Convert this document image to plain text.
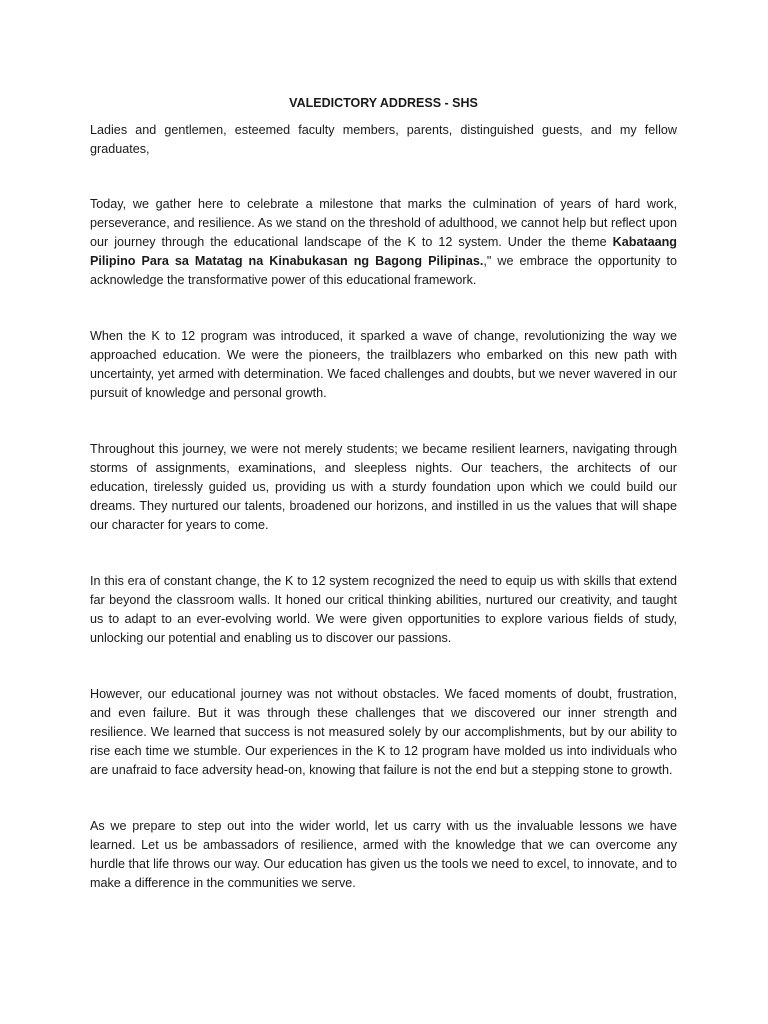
VALEDICTORY ADDRESS - SHS

Ladies and gentlemen, esteemed faculty members, parents, distinguished guests, and my fellow graduates,

Today, we gather here to celebrate a milestone that marks the culmination of years of hard work, perseverance, and resilience. As we stand on the threshold of adulthood, we cannot help but reflect upon our journey through the educational landscape of the K to 12 system. Under the theme Kabataang Pilipino Para sa Matatag na Kinabukasan ng Bagong Pilipinas.," we embrace the opportunity to acknowledge the transformative power of this educational framework.

When the K to 12 program was introduced, it sparked a wave of change, revolutionizing the way we approached education. We were the pioneers, the trailblazers who embarked on this new path with uncertainty, yet armed with determination. We faced challenges and doubts, but we never wavered in our pursuit of knowledge and personal growth.

Throughout this journey, we were not merely students; we became resilient learners, navigating through storms of assignments, examinations, and sleepless nights. Our teachers, the architects of our education, tirelessly guided us, providing us with a sturdy foundation upon which we could build our dreams. They nurtured our talents, broadened our horizons, and instilled in us the values that will shape our character for years to come.

In this era of constant change, the K to 12 system recognized the need to equip us with skills that extend far beyond the classroom walls. It honed our critical thinking abilities, nurtured our creativity, and taught us to adapt to an ever-evolving world. We were given opportunities to explore various fields of study, unlocking our potential and enabling us to discover our passions.

However, our educational journey was not without obstacles. We faced moments of doubt, frustration, and even failure. But it was through these challenges that we discovered our inner strength and resilience. We learned that success is not measured solely by our accomplishments, but by our ability to rise each time we stumble. Our experiences in the K to 12 program have molded us into individuals who are unafraid to face adversity head-on, knowing that failure is not the end but a stepping stone to growth.

As we prepare to step out into the wider world, let us carry with us the invaluable lessons we have learned. Let us be ambassadors of resilience, armed with the knowledge that we can overcome any hurdle that life throws our way. Our education has given us the tools we need to excel, to innovate, and to make a difference in the communities we serve.
